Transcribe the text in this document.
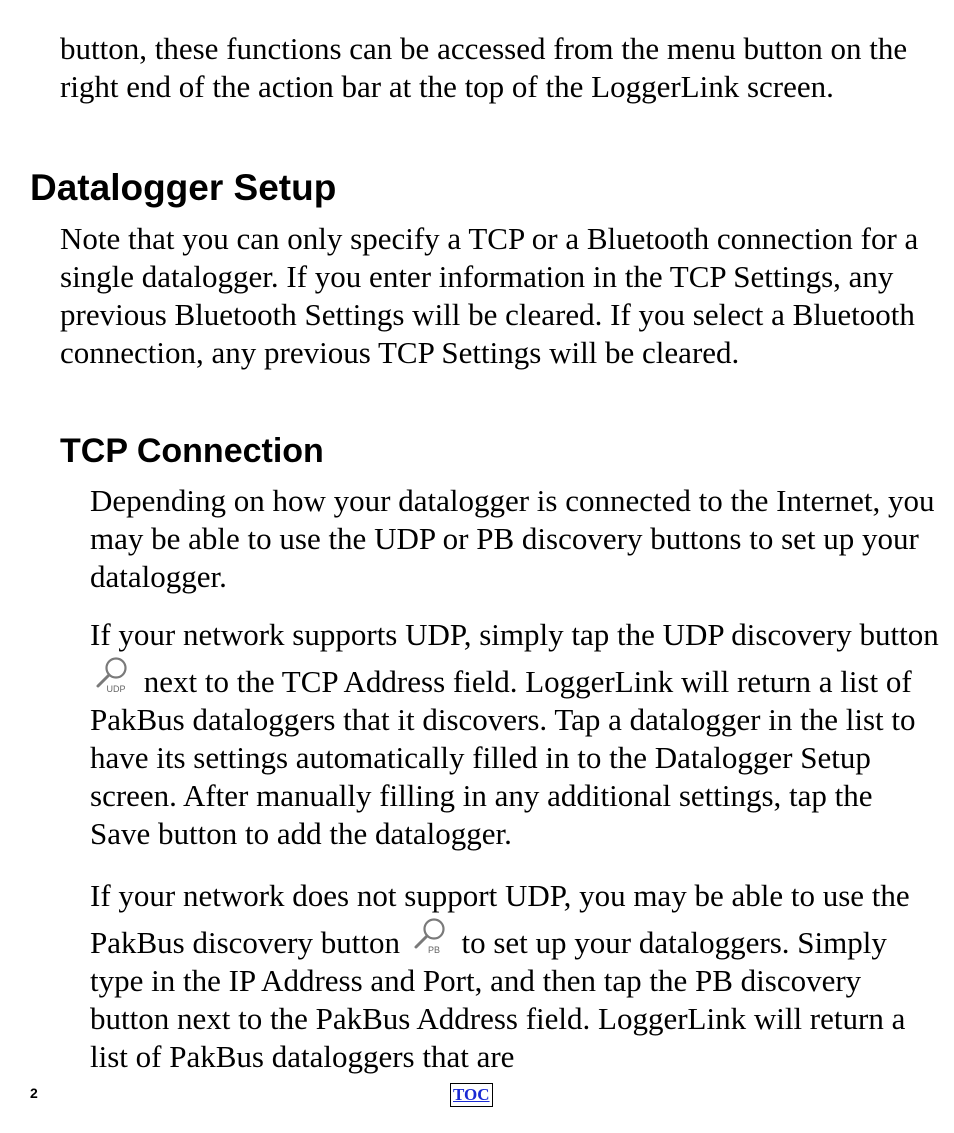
button, these functions can be accessed from the menu button on the right end of the action bar at the top of the LoggerLink screen.

Datalogger Setup

Note that you can only specify a TCP or a Bluetooth connection for a single datalogger. If you enter information in the TCP Settings, any previous Bluetooth Settings will be cleared. If you select a Bluetooth connection, any previous TCP Settings will be cleared.

TCP Connection

Depending on how your datalogger is connected to the Internet, you may be able to use the UDP or PB discovery buttons to set up your datalogger.

If your network supports UDP, simply tap the UDP discovery button
UDP next to the TCP Address field. LoggerLink will return a list of PakBus dataloggers that it discovers. Tap a datalogger in the list to have its settings automatically filled in to the Datalogger Setup screen. After manually filling in any additional settings, tap the Save button to add the datalogger.

If your network does not support UDP, you may be able to use the PakBus discovery button	PB to set up your dataloggers. Simply type in the IP Address and Port, and then tap the PB discovery button next to the PakBus Address field. LoggerLink will return a list of PakBus dataloggers that are

2	TOC
